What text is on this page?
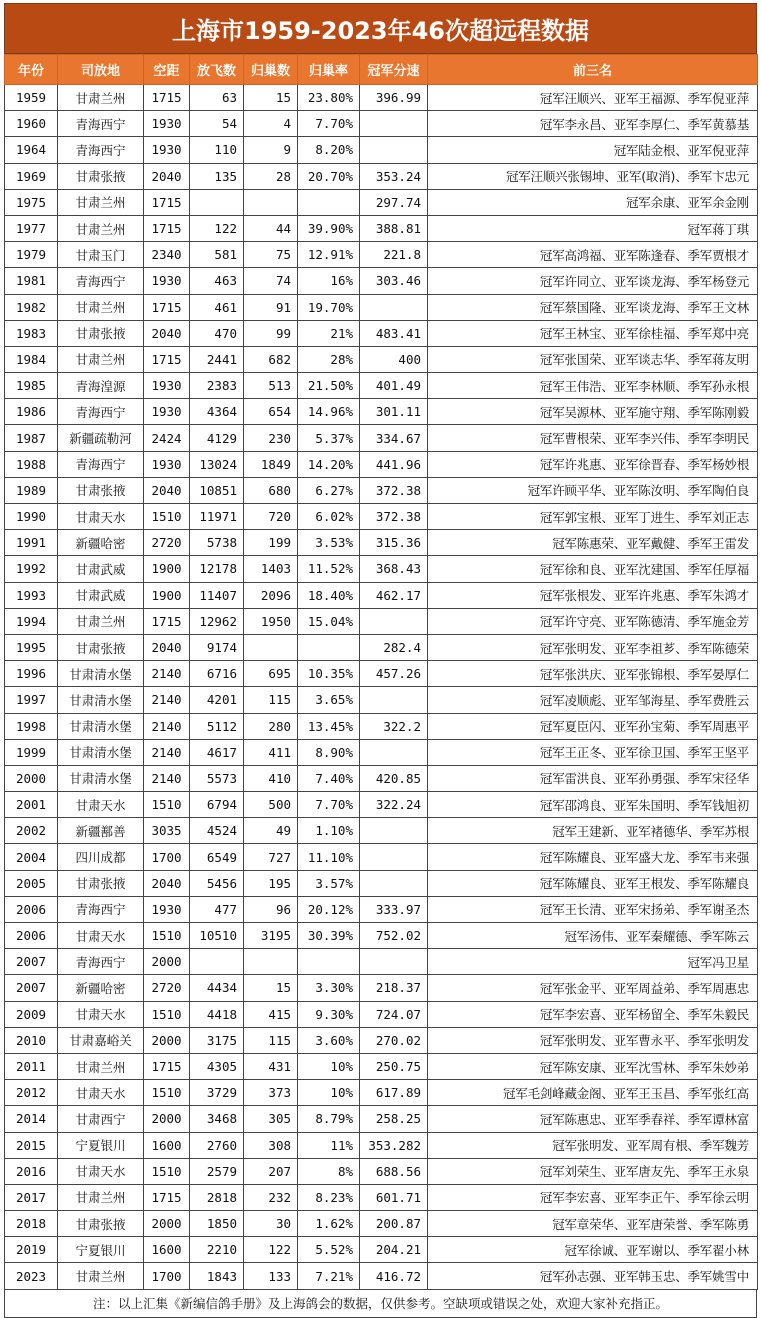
上海市1959-2023年46次超远程数据
年份	司放地	空距	放飞数	归巢数	归巢率	冠军分速	前三名
1959	甘肃兰州	1715	63	15	23.80%	396.99	冠军汪顺兴、亚军王福源、季军倪亚萍
1960	青海西宁	1930	54	4	7.70%		冠军李永昌、亚军李厚仁、季军黄慕基
1964	青海西宁	1930	110	9	8.20%		冠军陆金根、亚军倪亚萍
1969	甘肃张掖	2040	135	28	20.70%	353.24	冠军汪顺兴张锡坤、亚军(取消)、季军卞忠元
1975	甘肃兰州	1715				297.74	冠军余康、亚军余金刚
1977	甘肃兰州	1715	122	44	39.90%	388.81	冠军蒋丁琪
1979	甘肃玉门	2340	581	75	12.91%	221.8	冠军高鸿福、亚军陈逢春、季军贾根才
1981	青海西宁	1930	463	74	16%	303.46	冠军许同立、亚军谈龙海、季军杨登元
1982	甘肃兰州	1715	461	91	19.70%		冠军蔡国隆、亚军谈龙海、季军王文林
1983	甘肃张掖	2040	470	99	21%	483.41	冠军王林宝、亚军徐桂福、季军郑中亮
1984	甘肃兰州	1715	2441	682	28%	400	冠军张国荣、亚军谈志华、季军蒋友明
1985	青海湟源	1930	2383	513	21.50%	401.49	冠军王伟浩、亚军李林顺、季军孙永根
1986	青海西宁	1930	4364	654	14.96%	301.11	冠军吴源林、亚军施守翔、季军陈刚毅
1987	新疆疏勒河	2424	4129	230	5.37%	334.67	冠军曹根荣、亚军李兴伟、季军李明民
1988	青海西宁	1930	13024	1849	14.20%	441.96	冠军许兆惠、亚军徐晋春、季军杨妙根
1989	甘肃张掖	2040	10851	680	6.27%	372.38	冠军许顾平华、亚军陈汝明、季军陶伯良
1990	甘肃天水	1510	11971	720	6.02%	372.38	冠军郭宝根、亚军丁进生、季军刘正志
1991	新疆哈密	2720	5738	199	3.53%	315.36	冠军陈惠荣、亚军戴健、季军王雷发
1992	甘肃武威	1900	12178	1403	11.52%	368.43	冠军徐和良、亚军沈建国、季军任厚福
1993	甘肃武威	1900	11407	2096	18.40%	462.17	冠军张根发、亚军许兆惠、季军朱鸿才
1994	甘肃兰州	1715	12962	1950	15.04%		冠军许守亮、亚军陈德清、季军施金芳
1995	甘肃张掖	2040	9174			282.4	冠军张明发、亚军李祖芗、季军陈德荣
1996	甘肃清水堡	2140	6716	695	10.35%	457.26	冠军张洪庆、亚军张锦根、季军晏厚仁
1997	甘肃清水堡	2140	4201	115	3.65%		冠军凌顺彪、亚军邹海星、季军费胜云
1998	甘肃清水堡	2140	5112	280	13.45%	322.2	冠军夏臣闪、亚军孙宝菊、季军周惠平
1999	甘肃清水堡	2140	4617	411	8.90%		冠军王正冬、亚军徐卫国、季军王坚平
2000	甘肃清水堡	2140	5573	410	7.40%	420.85	冠军雷洪良、亚军孙勇强、季军宋径华
2001	甘肃天水	1510	6794	500	7.70%	322.24	冠军邵鸿良、亚军朱国明、季军钱旭初
2002	新疆鄯善	3035	4524	49	1.10%		冠军王建新、亚军褚德华、季军苏根
2004	四川成都	1700	6549	727	11.10%		冠军陈耀良、亚军盛大龙、季军韦来强
2005	甘肃张掖	2040	5456	195	3.57%		冠军陈耀良、亚军王根发、季军陈耀良
2006	青海西宁	1930	477	96	20.12%	333.97	冠军王长清、亚军宋扬弟、季军谢圣杰
2006	甘肃天水	1510	10510	3195	30.39%	752.02	冠军汤伟、亚军秦耀德、季军陈云
2007	青海西宁	2000					冠军冯卫星
2007	新疆哈密	2720	4434	15	3.30%	218.37	冠军张金平、亚军周益弟、季军周惠忠
2009	甘肃天水	1510	4418	415	9.30%	724.07	冠军李宏喜、亚军杨留全、季军朱毅民
2010	甘肃嘉峪关	2000	3175	115	3.60%	270.02	冠军张明发、亚军曹永平、季军张明发
2011	甘肃兰州	1715	4305	431	10%	250.75	冠军陈安康、亚军沈雪林、季军朱妙弟
2012	甘肃天水	1510	3729	373	10%	617.89	冠军毛剑峰藏金阁、亚军王玉昌、季军张红高
2014	甘肃西宁	2000	3468	305	8.79%	258.25	冠军陈惠忠、亚军季春祥、季军谭林富
2015	宁夏银川	1600	2760	308	11%	353.282	冠军张明发、亚军周有根、季军魏芳
2016	甘肃天水	1510	2579	207	8%	688.56	冠军刘荣生、亚军唐友先、季军王永泉
2017	甘肃兰州	1715	2818	232	8.23%	601.71	冠军李宏喜、亚军李正午、季军徐云明
2018	甘肃张掖	2000	1850	30	1.62%	200.87	冠军章荣华、亚军唐荣誉、季军陈勇
2019	宁夏银川	1600	2210	122	5.52%	204.21	冠军徐诚、亚军谢以、季军翟小林
2023	甘肃兰州	1700	1843	133	7.21%	416.72	冠军孙志强、亚军韩玉忠、季军姚雪中
注：以上汇集《新编信鸽手册》及上海鸽会的数据，仅供参考。空缺项或错误之处，欢迎大家补充指正。
